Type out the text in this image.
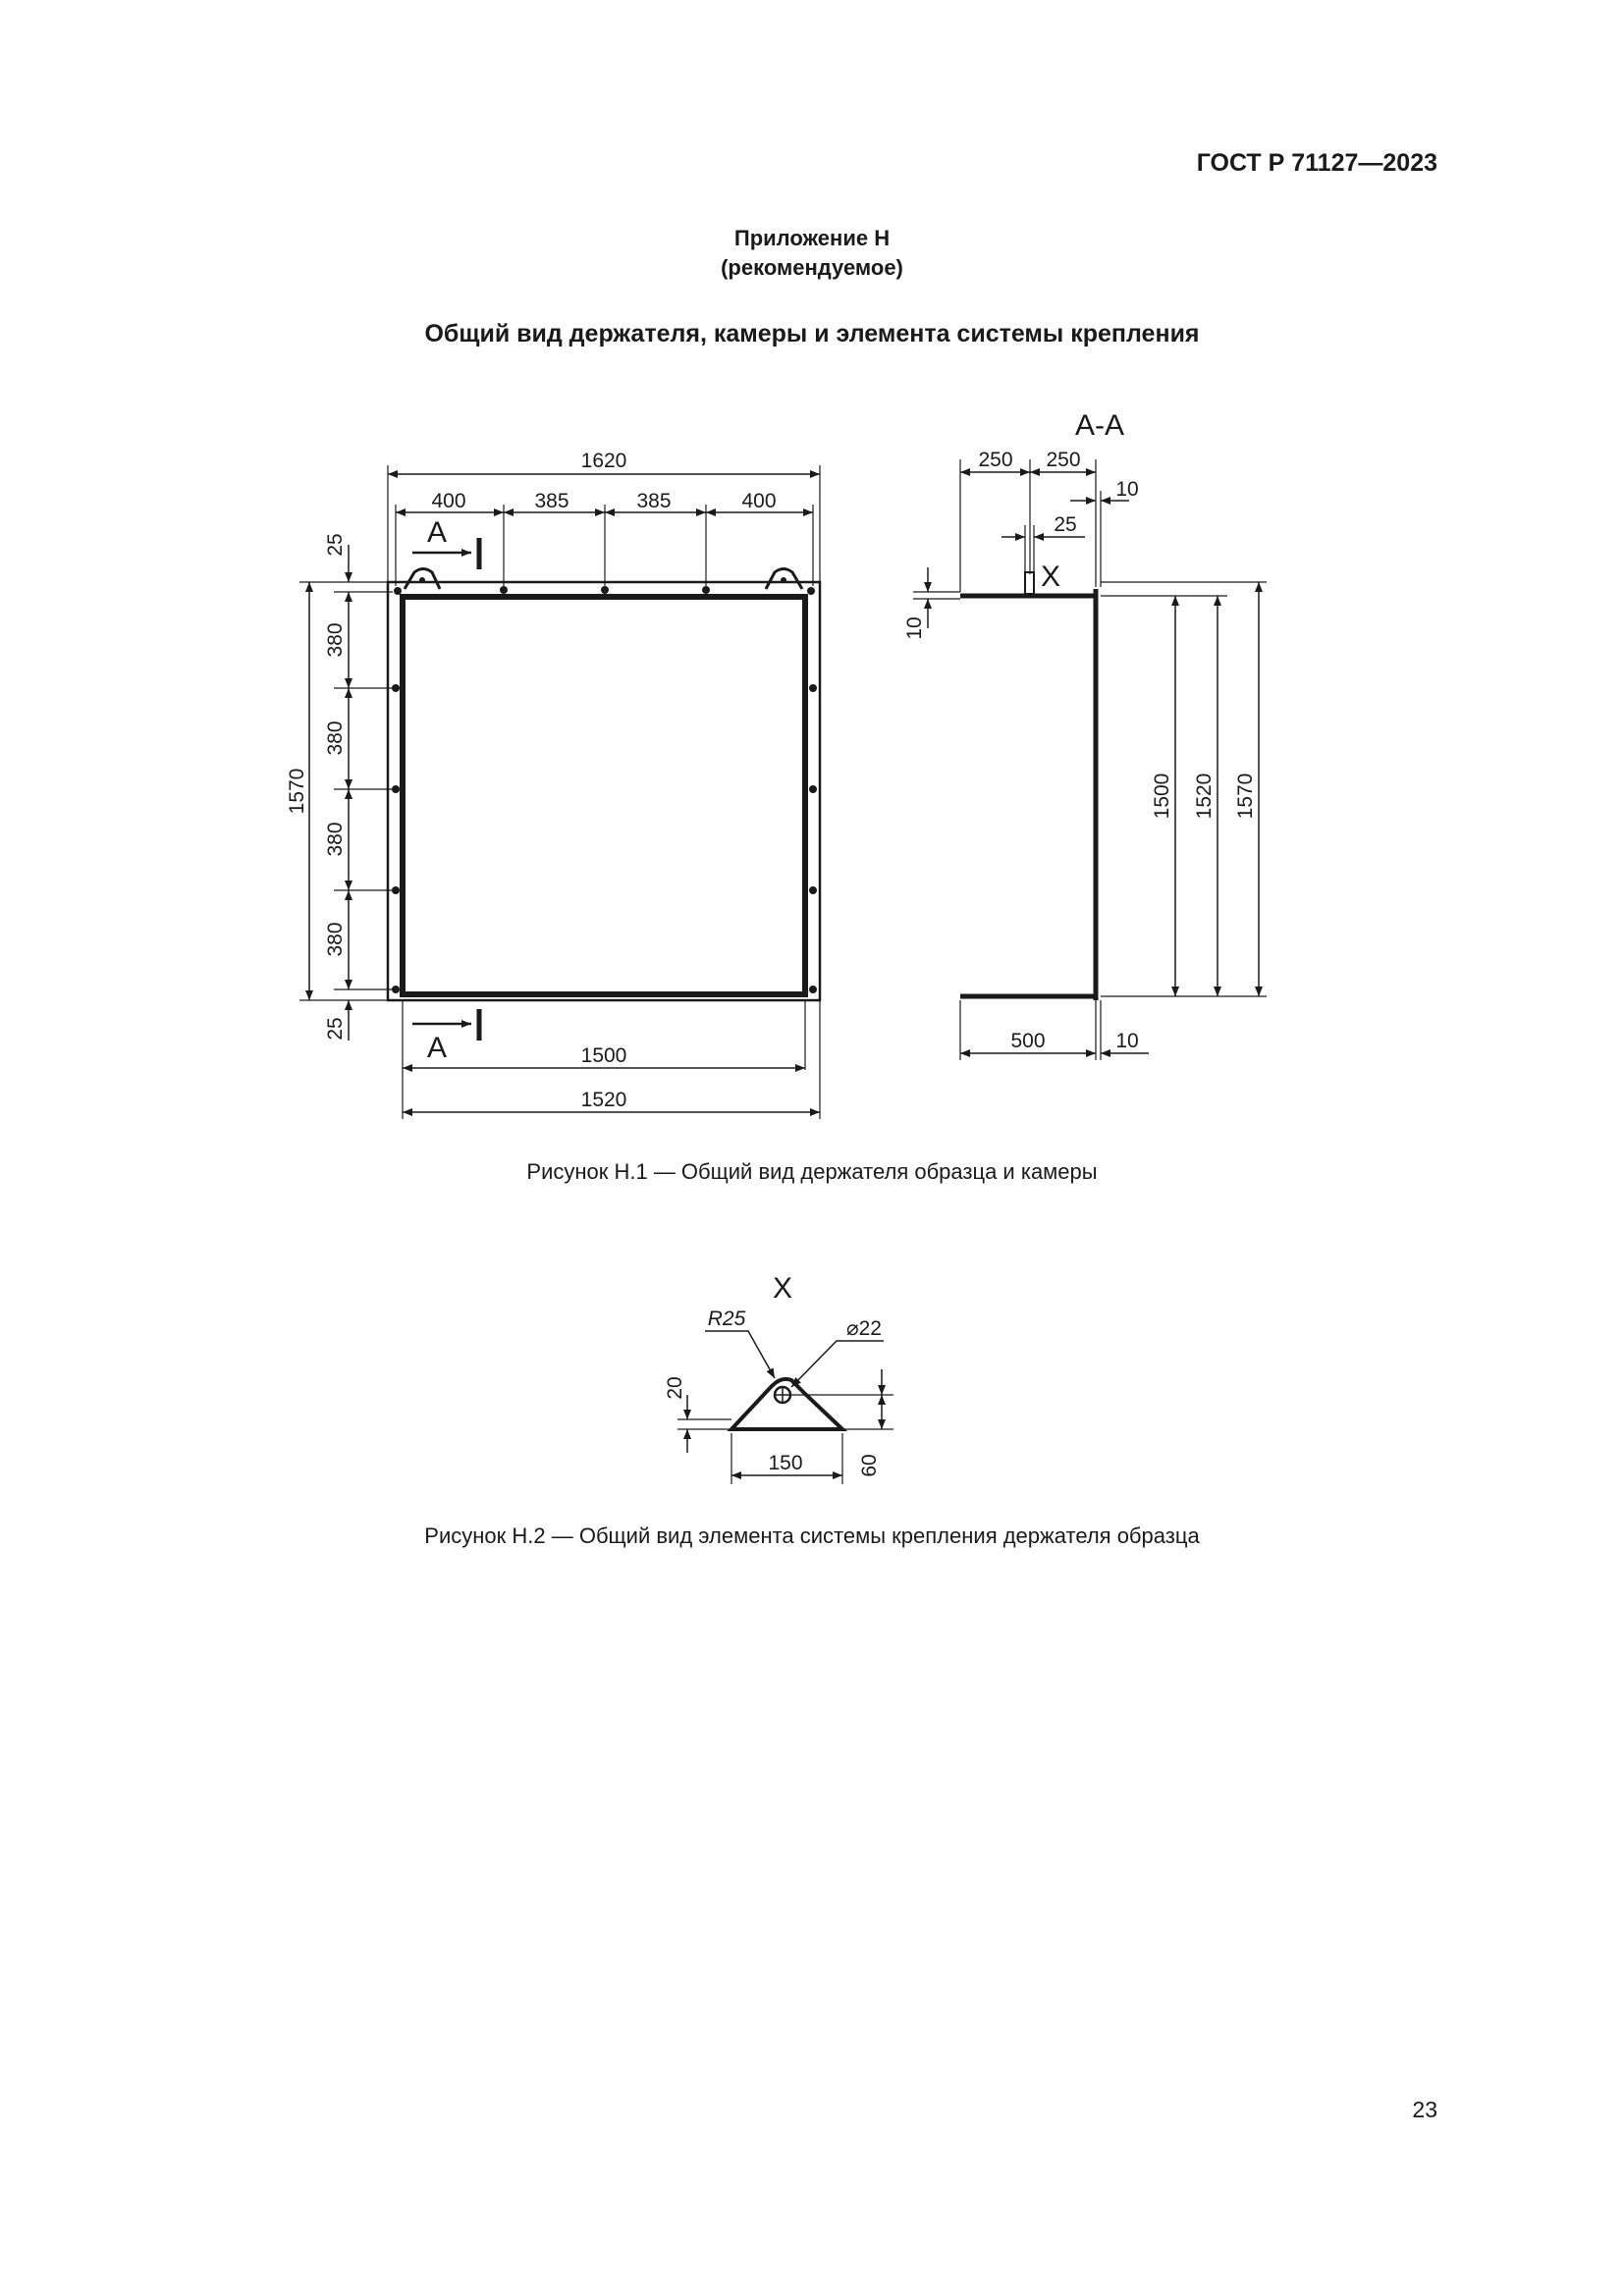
ГОСТ Р 71127—2023
Приложение Н
(рекомендуемое)
Общий вид держателя, камеры и элемента системы крепления
1620
400	385	385	400
1500
1520
A
A
1570
25
380
380
380
380
25
А-А
250 250
10
25
X
10
1500 1520 1570
500	10
X
R25	⌀22
150
20
60
Рисунок Н.1 — Общий вид держателя образца и камеры
Рисунок Н.2 — Общий вид элемента системы крепления держателя образца
23
